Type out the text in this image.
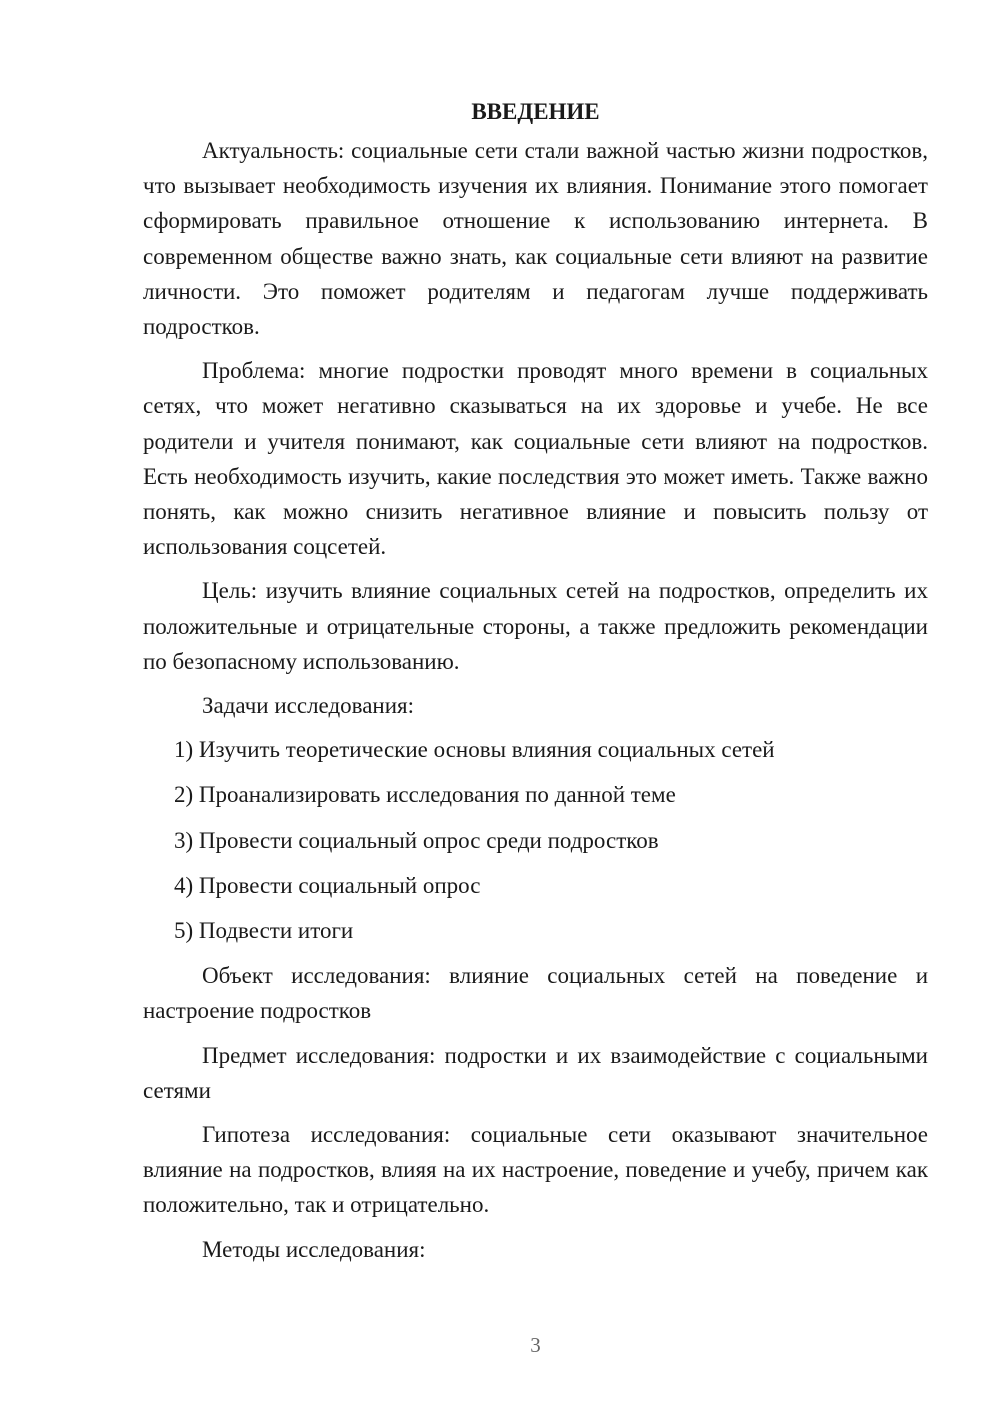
ВВЕДЕНИЕ

Актуальность: социальные сети стали важной частью жизни подростков, что вызывает необходимость изучения их влияния. Понимание этого помогает сформировать правильное отношение к использованию интернета. В современном обществе важно знать, как социальные сети влияют на развитие личности. Это поможет родителям и педагогам лучше поддерживать подростков.

Проблема: многие подростки проводят много времени в социальных сетях, что может негативно сказываться на их здоровье и учебе. Не все родители и учителя понимают, как социальные сети влияют на подростков. Есть необходимость изучить, какие последствия это может иметь. Также важно понять, как можно снизить негативное влияние и повысить пользу от использования соцсетей.

Цель: изучить влияние социальных сетей на подростков, определить их положительные и отрицательные стороны, а также предложить рекомендации по безопасному использованию.

Задачи исследования:

1) Изучить теоретические основы влияния социальных сетей
2) Проанализировать исследования по данной теме
3) Провести социальный опрос среди подростков
4) Провести социальный опрос
5) Подвести итоги

Объект исследования: влияние социальных сетей на поведение и настроение подростков

Предмет исследования: подростки и их взаимодействие с социальными сетями

Гипотеза исследования: социальные сети оказывают значительное влияние на подростков, влияя на их настроение, поведение и учебу, причем как положительно, так и отрицательно.

Методы исследования:

3
